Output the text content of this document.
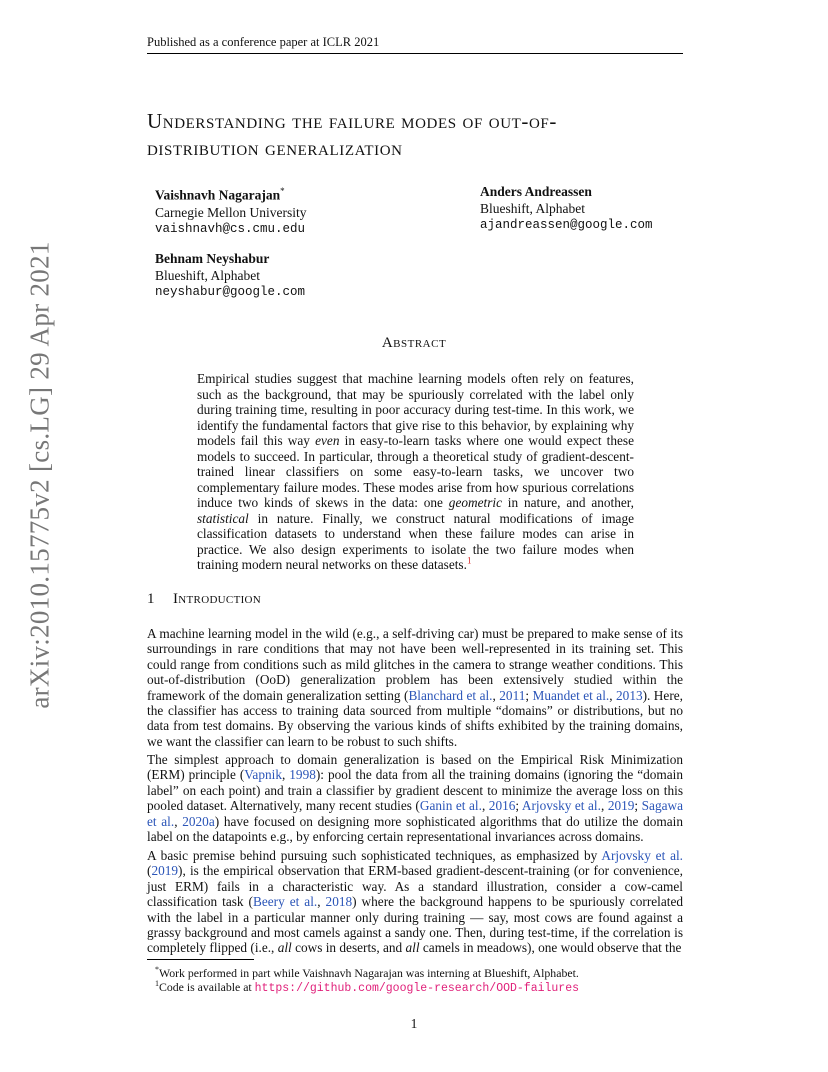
Published as a conference paper at ICLR 2021
arXiv:2010.15775v2 [cs.LG] 29 Apr 2021
Understanding the failure modes of out-of-
distribution generalization
Vaishnavh Nagarajan*
Carnegie Mellon University
vaishnavh@cs.cmu.edu
Anders Andreassen
Blueshift, Alphabet
ajandreassen@google.com
Behnam Neyshabur
Blueshift, Alphabet
neyshabur@google.com
Abstract
Empirical studies suggest that machine learning models often rely on features, such as the background, that may be spuriously correlated with the label only during training time, resulting in poor accuracy during test-time. In this work, we identify the fundamental factors that give rise to this behavior, by explaining why models fail this way even in easy-to-learn tasks where one would expect these models to succeed. In particular, through a theoretical study of gradient-descent-trained linear classifiers on some easy-to-learn tasks, we uncover two complementary failure modes. These modes arise from how spurious correlations induce two kinds of skews in the data: one geometric in nature, and another, statistical in nature. Finally, we construct natural modifications of image classification datasets to understand when these failure modes can arise in practice. We also design experiments to isolate the two failure modes when training modern neural networks on these datasets.$^1$
1 Introduction
A machine learning model in the wild (e.g., a self-driving car) must be prepared to make sense of its surroundings in rare conditions that may not have been well-represented in its training set. This could range from conditions such as mild glitches in the camera to strange weather conditions. This out-of-distribution (OoD) generalization problem has been extensively studied within the framework of the domain generalization setting (Blanchard et al., 2011; Muandet et al., 2013). Here, the classifier has access to training data sourced from multiple “domains” or distributions, but no data from test domains. By observing the various kinds of shifts exhibited by the training domains, we want the classifier can learn to be robust to such shifts.
The simplest approach to domain generalization is based on the Empirical Risk Minimization (ERM) principle (Vapnik, 1998): pool the data from all the training domains (ignoring the “domain label” on each point) and train a classifier by gradient descent to minimize the average loss on this pooled dataset. Alternatively, many recent studies (Ganin et al., 2016; Arjovsky et al., 2019; Sagawa et al., 2020a) have focused on designing more sophisticated algorithms that do utilize the domain label on the datapoints e.g., by enforcing certain representational invariances across domains.
A basic premise behind pursuing such sophisticated techniques, as emphasized by Arjovsky et al. (2019), is the empirical observation that ERM-based gradient-descent-training (or for convenience, just ERM) fails in a characteristic way. As a standard illustration, consider a cow-camel classification task (Beery et al., 2018) where the background happens to be spuriously correlated with the label in a particular manner only during training — say, most cows are found against a grassy background and most camels against a sandy one. Then, during test-time, if the correlation is completely flipped (i.e., all cows in deserts, and all camels in meadows), one would observe that the
*Work performed in part while Vaishnavh Nagarajan was interning at Blueshift, Alphabet.
$^1$Code is available at https://github.com/google-research/OOD-failures
1
